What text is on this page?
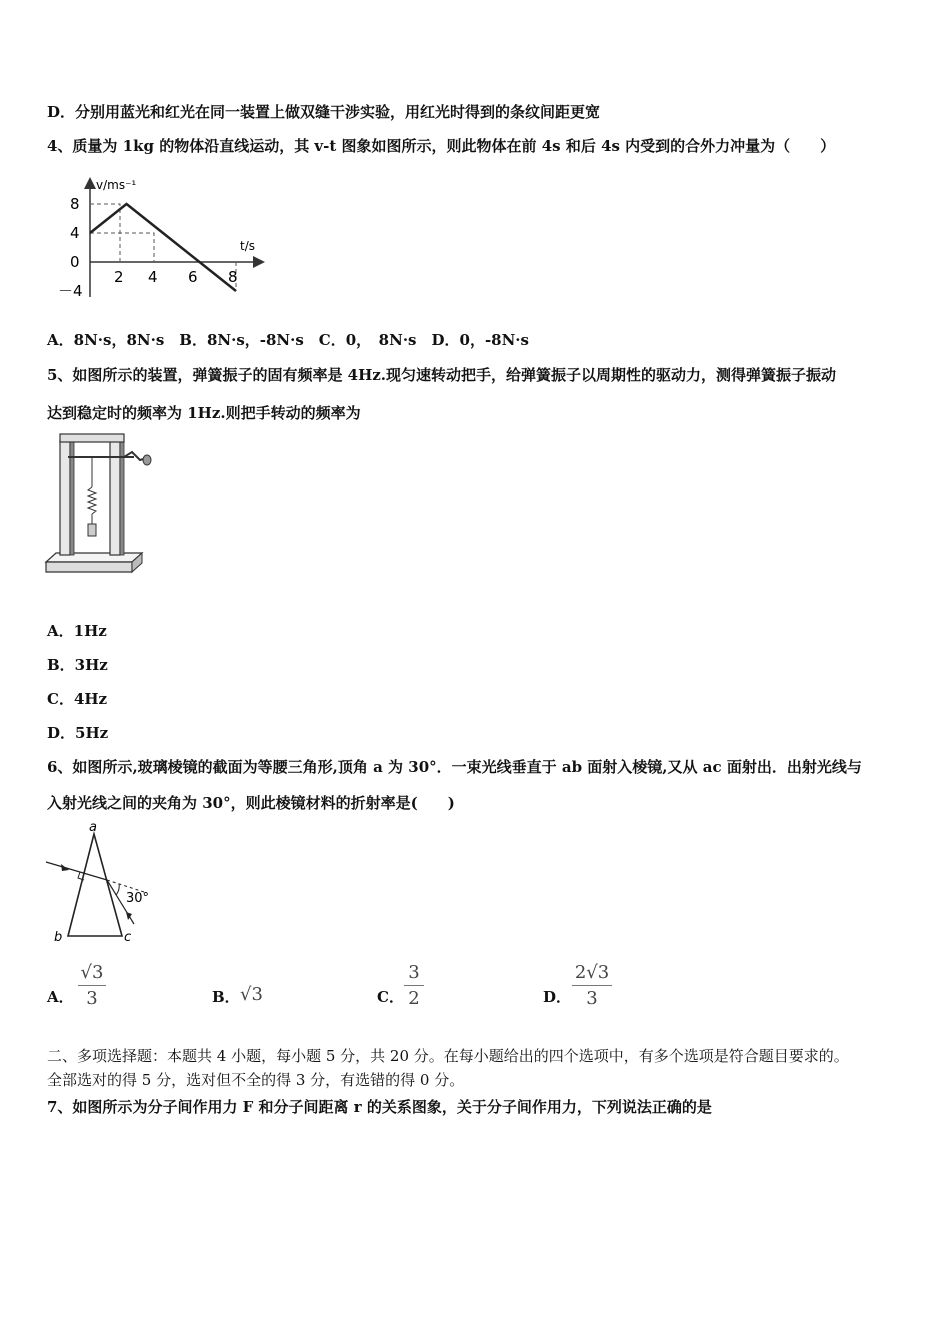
D．分别用蓝光和红光在同一装置上做双缝干涉实验，用红光时得到的条纹间距更宽
4、质量为 1kg 的物体沿直线运动，其 v-t 图象如图所示，则此物体在前 4s 和后 4s 内受到的合外力冲量为（　　）
v/ms⁻¹
t/s
8
4
0
－4
2 4 6 8
A．8N·s，8N·s　B．8N·s，-8N·s　C．0，　8N·s　D．0，-8N·s
5、如图所示的装置，弹簧振子的固有频率是 4Hz.现匀速转动把手，给弹簧振子以周期性的驱动力，测得弹簧振子振动
达到稳定时的频率为 1Hz.则把手转动的频率为
A．1Hz
B．3Hz
C．4Hz
D．5Hz
6、如图所示,玻璃棱镜的截面为等腰三角形,顶角 a 为 30°．一束光线垂直于 ab 面射入棱镜,又从 ac 面射出．出射光线与
入射光线之间的夹角为 30°，则此棱镜材料的折射率是(　　)
a
b	c
30°
A．
√3
3	B． √3	C．
3
2	D．
2√3
3
二、多项选择题：本题共 4 小题，每小题 5 分，共 20 分。在每小题给出的四个选项中，有多个选项是符合题目要求的。
全部选对的得 5 分，选对但不全的得 3 分，有选错的得 0 分。
7、如图所示为分子间作用力 F 和分子间距离 r 的关系图象，关于分子间作用力，下列说法正确的是
